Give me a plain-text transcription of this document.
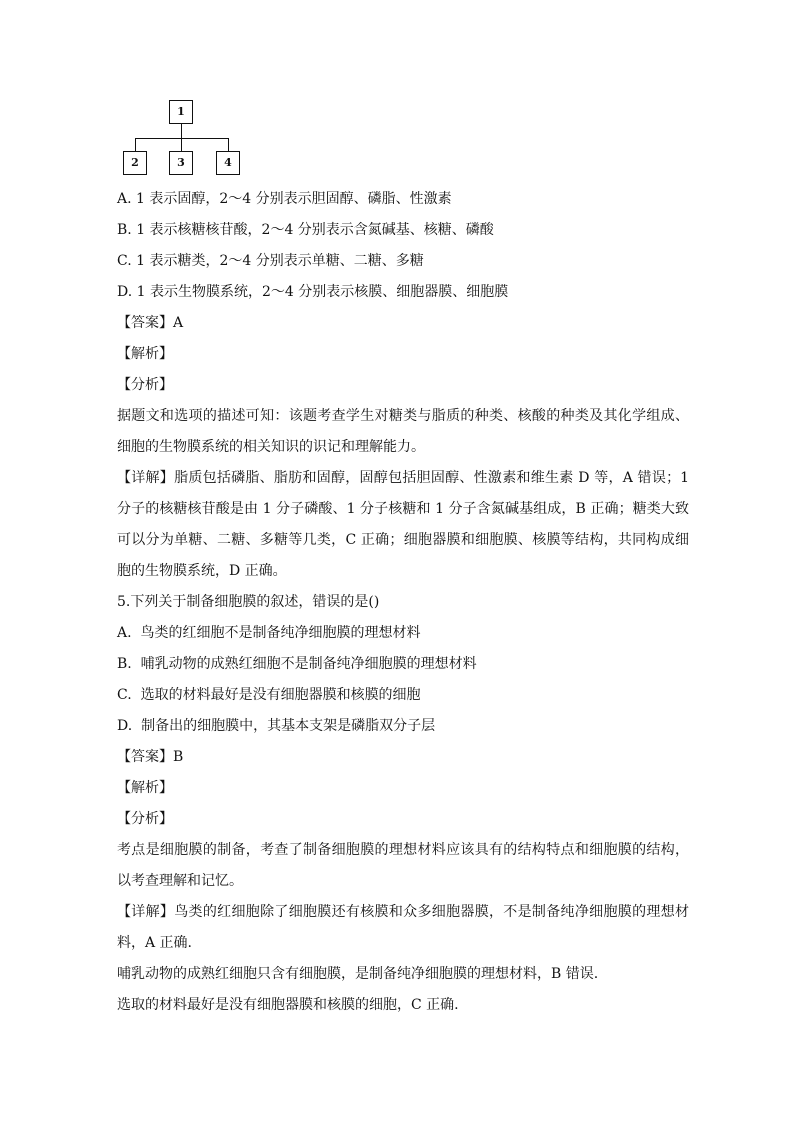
1
2	3	4

A. 1 表示固醇，2～4 分别表示胆固醇、磷脂、性激素

B. 1 表示核糖核苷酸，2～4 分别表示含氮碱基、核糖、磷酸

C. 1 表示糖类，2～4 分别表示单糖、二糖、多糖

D. 1 表示生物膜系统，2～4 分别表示核膜、细胞器膜、细胞膜

【答案】A

【解析】

【分析】

据题文和选项的描述可知：该题考查学生对糖类与脂质的种类、核酸的种类及其化学组成、细胞的生物膜系统的相关知识的识记和理解能力。

【详解】脂质包括磷脂、脂肪和固醇，固醇包括胆固醇、性激素和维生素 D 等，A 错误；1 分子的核糖核苷酸是由 1 分子磷酸、1 分子核糖和 1 分子含氮碱基组成，B 正确；糖类大致可以分为单糖、二糖、多糖等几类，C 正确；细胞器膜和细胞膜、核膜等结构，共同构成细胞的生物膜系统，D 正确。

5.下列关于制备细胞膜的叙述，错误的是()

A.  鸟类的红细胞不是制备纯净细胞膜的理想材料

B.  哺乳动物的成熟红细胞不是制备纯净细胞膜的理想材料

C.  选取的材料最好是没有细胞器膜和核膜的细胞

D.  制备出的细胞膜中，其基本支架是磷脂双分子层

【答案】B

【解析】

【分析】

考点是细胞膜的制备，考查了制备细胞膜的理想材料应该具有的结构特点和细胞膜的结构，以考查理解和记忆。

【详解】鸟类的红细胞除了细胞膜还有核膜和众多细胞器膜，不是制备纯净细胞膜的理想材料，A 正确.

哺乳动物的成熟红细胞只含有细胞膜，是制备纯净细胞膜的理想材料，B 错误.

选取的材料最好是没有细胞器膜和核膜的细胞，C 正确.
